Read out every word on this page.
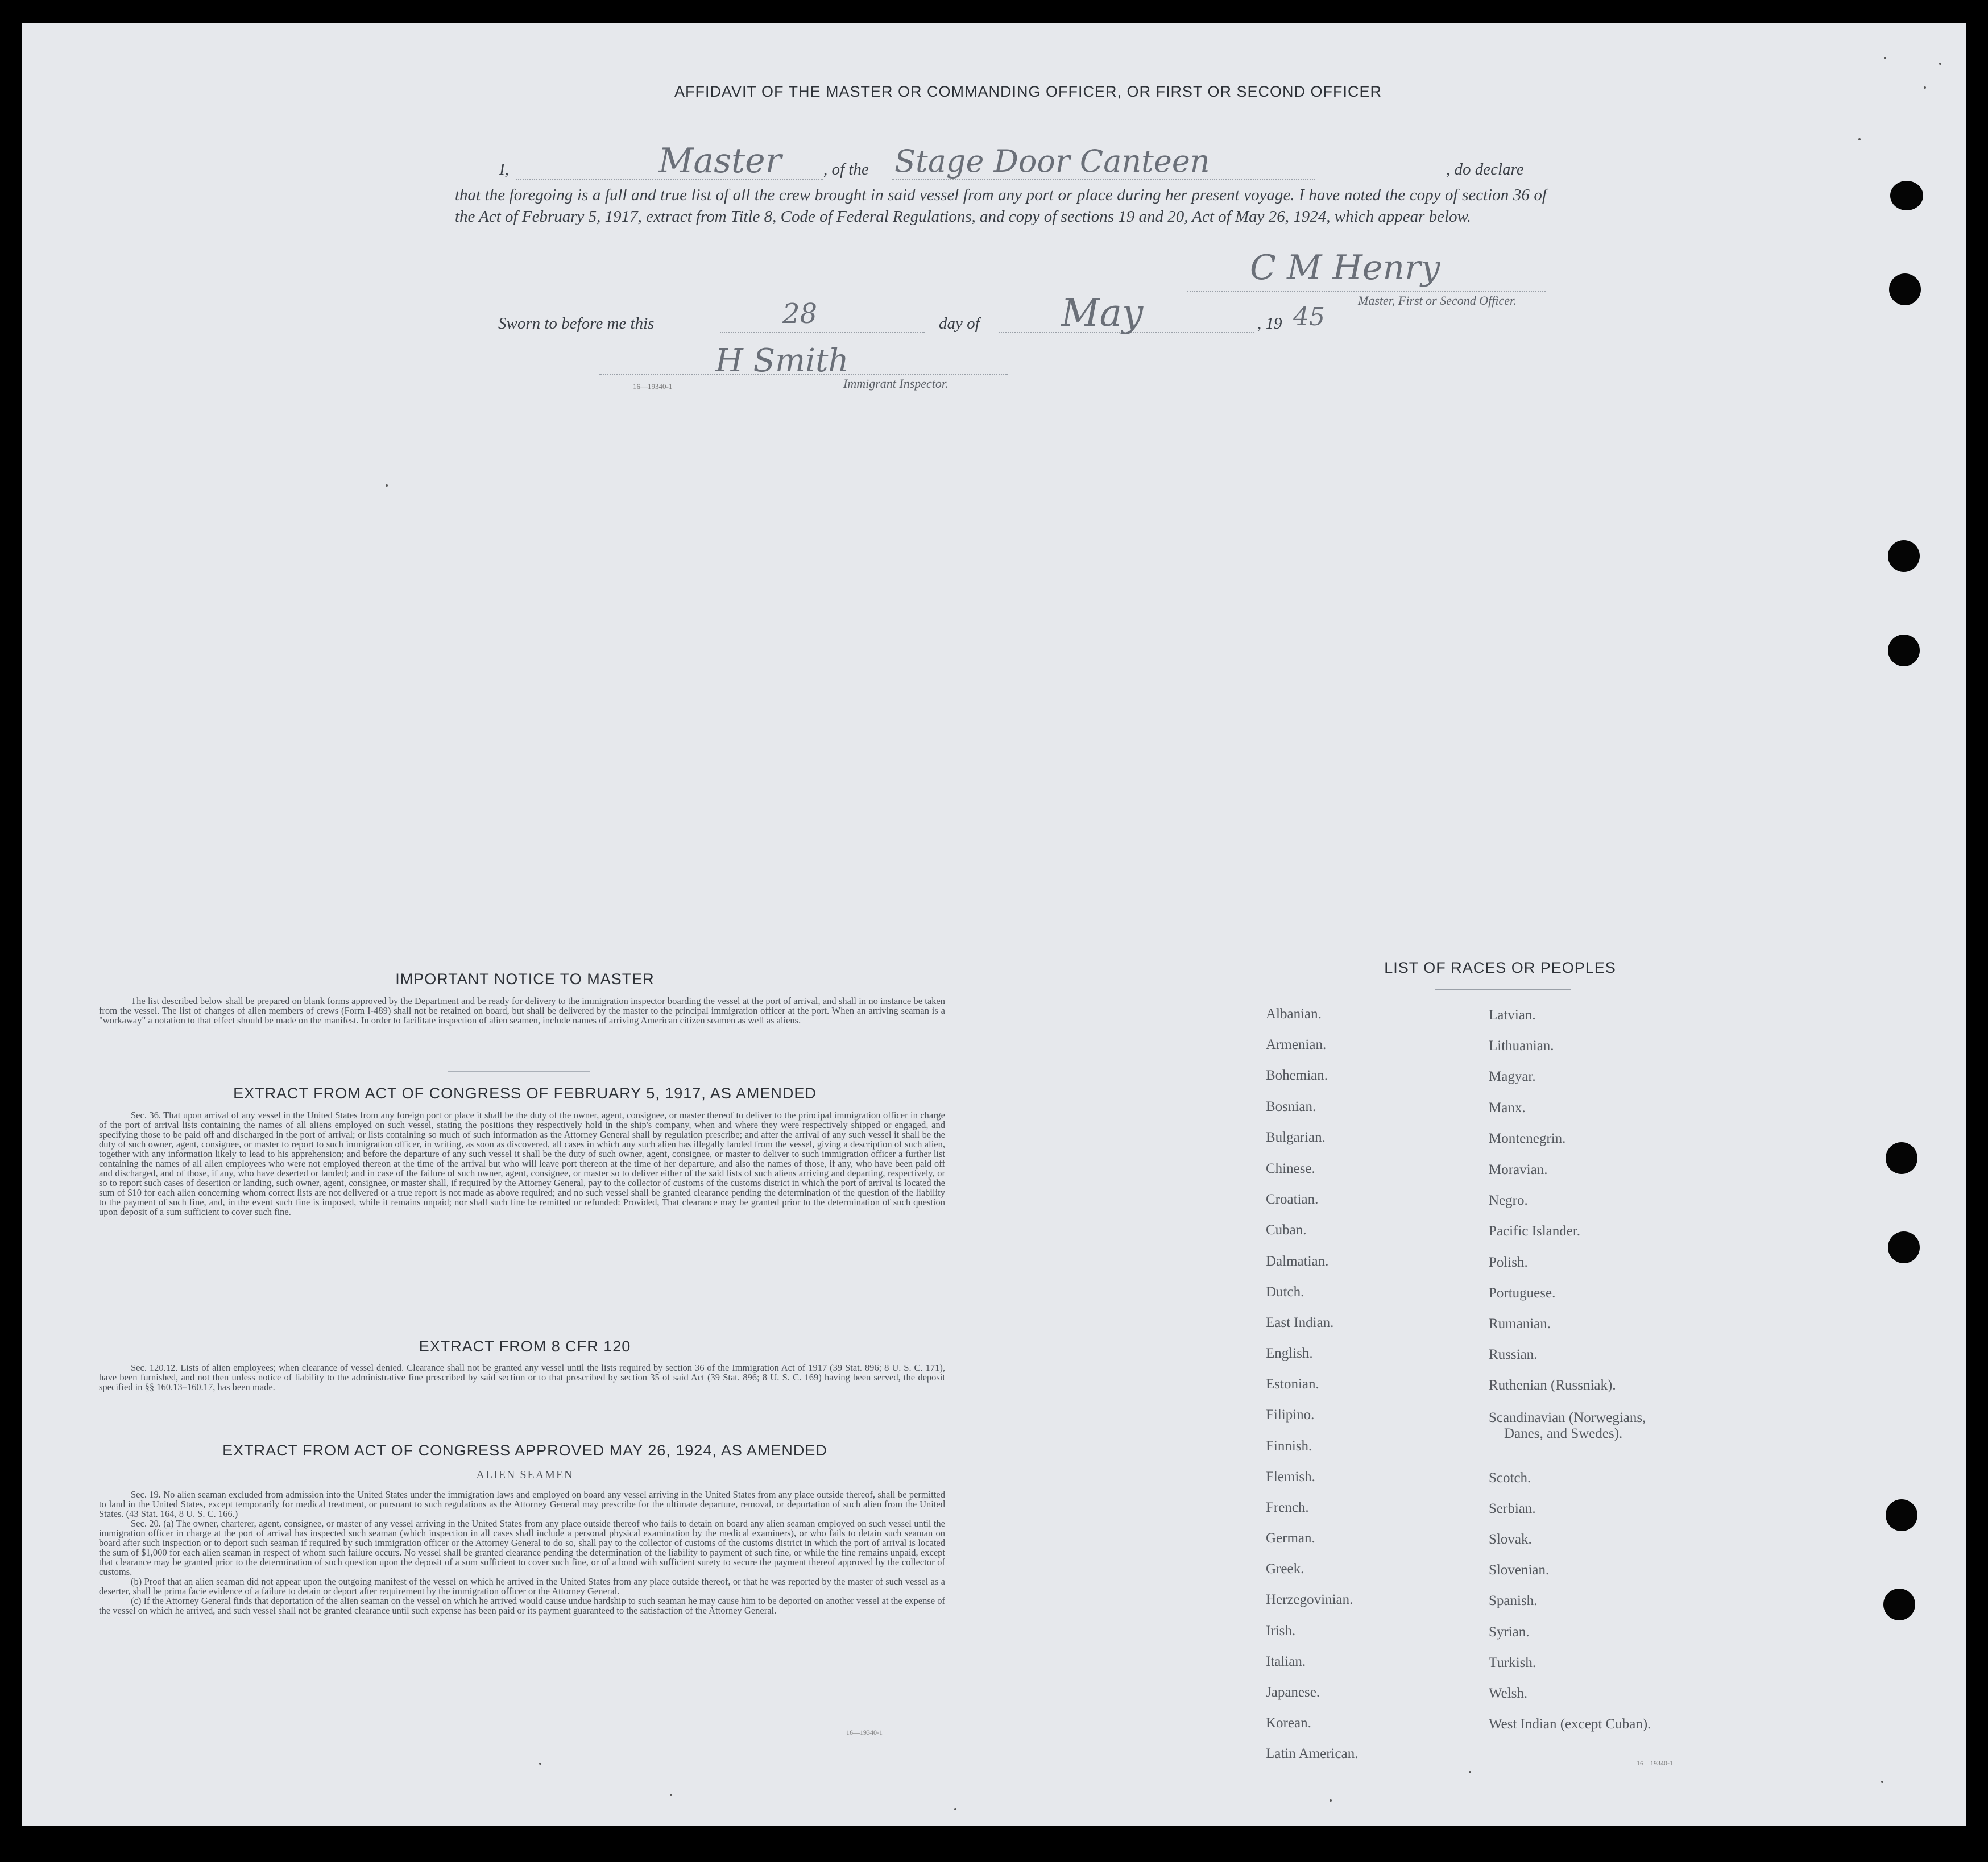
AFFIDAVIT OF THE MASTER OR COMMANDING OFFICER, OR FIRST OR SECOND OFFICER
I,	Master	, of the Stage Door Canteen	, do declare
that the foregoing is a full and true list of all the crew brought in said vessel from any port or place during her present voyage. I have noted the copy of section 36 of the Act of February 5, 1917, extract from Title 8, Code of Federal Regulations, and copy of sections 19 and 20, Act of May 26, 1924, which appear below.
C M Henry
Master, First or Second Officer.
Sworn to before me this	28	day of May	, 19 45
H Smith
16—19340-1	Immigrant Inspector.
IMPORTANT NOTICE TO MASTER
The list described below shall be prepared on blank forms approved by the Department and be ready for delivery to the immigration inspector boarding the vessel at the port of arrival, and shall in no instance be taken from the vessel. The list of changes of alien members of crews (Form I-489) shall not be retained on board, but shall be delivered by the master to the principal immigration officer at the port. When an arriving seaman is a "workaway" a notation to that effect should be made on the manifest. In order to facilitate inspection of alien seamen, include names of arriving American citizen seamen as well as aliens.
EXTRACT FROM ACT OF CONGRESS OF FEBRUARY 5, 1917, AS AMENDED
Sec. 36. That upon arrival of any vessel in the United States from any foreign port or place it shall be the duty of the owner, agent, consignee, or master thereof to deliver to the principal immigration officer in charge of the port of arrival lists containing the names of all aliens employed on such vessel, stating the positions they respectively hold in the ship's company, when and where they were respectively shipped or engaged, and specifying those to be paid off and discharged in the port of arrival; or lists containing so much of such information as the Attorney General shall by regulation prescribe; and after the arrival of any such vessel it shall be the duty of such owner, agent, consignee, or master to report to such immigration officer, in writing, as soon as discovered, all cases in which any such alien has illegally landed from the vessel, giving a description of such alien, together with any information likely to lead to his apprehension; and before the departure of any such vessel it shall be the duty of such owner, agent, consignee, or master to deliver to such immigration officer a further list containing the names of all alien employees who were not employed thereon at the time of the arrival but who will leave port thereon at the time of her departure, and also the names of those, if any, who have been paid off and discharged, and of those, if any, who have deserted or landed; and in case of the failure of such owner, agent, consignee, or master so to deliver either of the said lists of such aliens arriving and departing, respectively, or so to report such cases of desertion or landing, such owner, agent, consignee, or master shall, if required by the Attorney General, pay to the collector of customs of the customs district in which the port of arrival is located the sum of $10 for each alien concerning whom correct lists are not delivered or a true report is not made as above required; and no such vessel shall be granted clearance pending the determination of the question of the liability to the payment of such fine, and, in the event such fine is imposed, while it remains unpaid; nor shall such fine be remitted or refunded: Provided, That clearance may be granted prior to the determination of such question upon deposit of a sum sufficient to cover such fine.
EXTRACT FROM 8 CFR 120
Sec. 120.12. Lists of alien employees; when clearance of vessel denied. Clearance shall not be granted any vessel until the lists required by section 36 of the Immigration Act of 1917 (39 Stat. 896; 8 U. S. C. 171), have been furnished, and not then unless notice of liability to the administrative fine prescribed by said section or to that prescribed by section 35 of said Act (39 Stat. 896; 8 U. S. C. 169) having been served, the deposit specified in §§ 160.13–160.17, has been made.
EXTRACT FROM ACT OF CONGRESS APPROVED MAY 26, 1924, AS AMENDED
ALIEN SEAMEN
Sec. 19. No alien seaman excluded from admission into the United States under the immigration laws and employed on board any vessel arriving in the United States from any place outside thereof, shall be permitted to land in the United States, except temporarily for medical treatment, or pursuant to such regulations as the Attorney General may prescribe for the ultimate departure, removal, or deportation of such alien from the United States. (43 Stat. 164, 8 U. S. C. 166.)
Sec. 20. (a) The owner, charterer, agent, consignee, or master of any vessel arriving in the United States from any place outside thereof who fails to detain on board any alien seaman employed on such vessel until the immigration officer in charge at the port of arrival has inspected such seaman (which inspection in all cases shall include a personal physical examination by the medical examiners), or who fails to detain such seaman on board after such inspection or to deport such seaman if required by such immigration officer or the Attorney General to do so, shall pay to the collector of customs of the customs district in which the port of arrival is located the sum of $1,000 for each alien seaman in respect of whom such failure occurs. No vessel shall be granted clearance pending the determination of the liability to payment of such fine, or while the fine remains unpaid, except that clearance may be granted prior to the determination of such question upon the deposit of a sum sufficient to cover such fine, or of a bond with sufficient surety to secure the payment thereof approved by the collector of customs.
(b) Proof that an alien seaman did not appear upon the outgoing manifest of the vessel on which he arrived in the United States from any place outside thereof, or that he was reported by the master of such vessel as a deserter, shall be prima facie evidence of a failure to detain or deport after requirement by the immigration officer or the Attorney General.
(c) If the Attorney General finds that deportation of the alien seaman on the vessel on which he arrived would cause undue hardship to such seaman he may cause him to be deported on another vessel at the expense of the vessel on which he arrived, and such vessel shall not be granted clearance until such expense has been paid or its payment guaranteed to the satisfaction of the Attorney General.
16—19340-1
LIST OF RACES OR PEOPLES
Albanian.
Armenian.
Bohemian.
Bosnian.
Bulgarian.
Chinese.
Croatian.
Cuban.
Dalmatian.
Dutch.
East Indian.
English.
Estonian.
Filipino.
Finnish.
Flemish.
French.
German.
Greek.
Herzegovinian.
Irish.
Italian.
Japanese.
Korean.
Latin American.
Latvian.
Lithuanian.
Magyar.
Manx.
Montenegrin.
Moravian.
Negro.
Pacific Islander.
Polish.
Portuguese.
Rumanian.
Russian.
Ruthenian (Russniak).
Scandinavian (Norwegians,
Danes, and Swedes).
Scotch.
Serbian.
Slovak.
Slovenian.
Spanish.
Syrian.
Turkish.
Welsh.
West Indian (except Cuban).
16—19340-1
